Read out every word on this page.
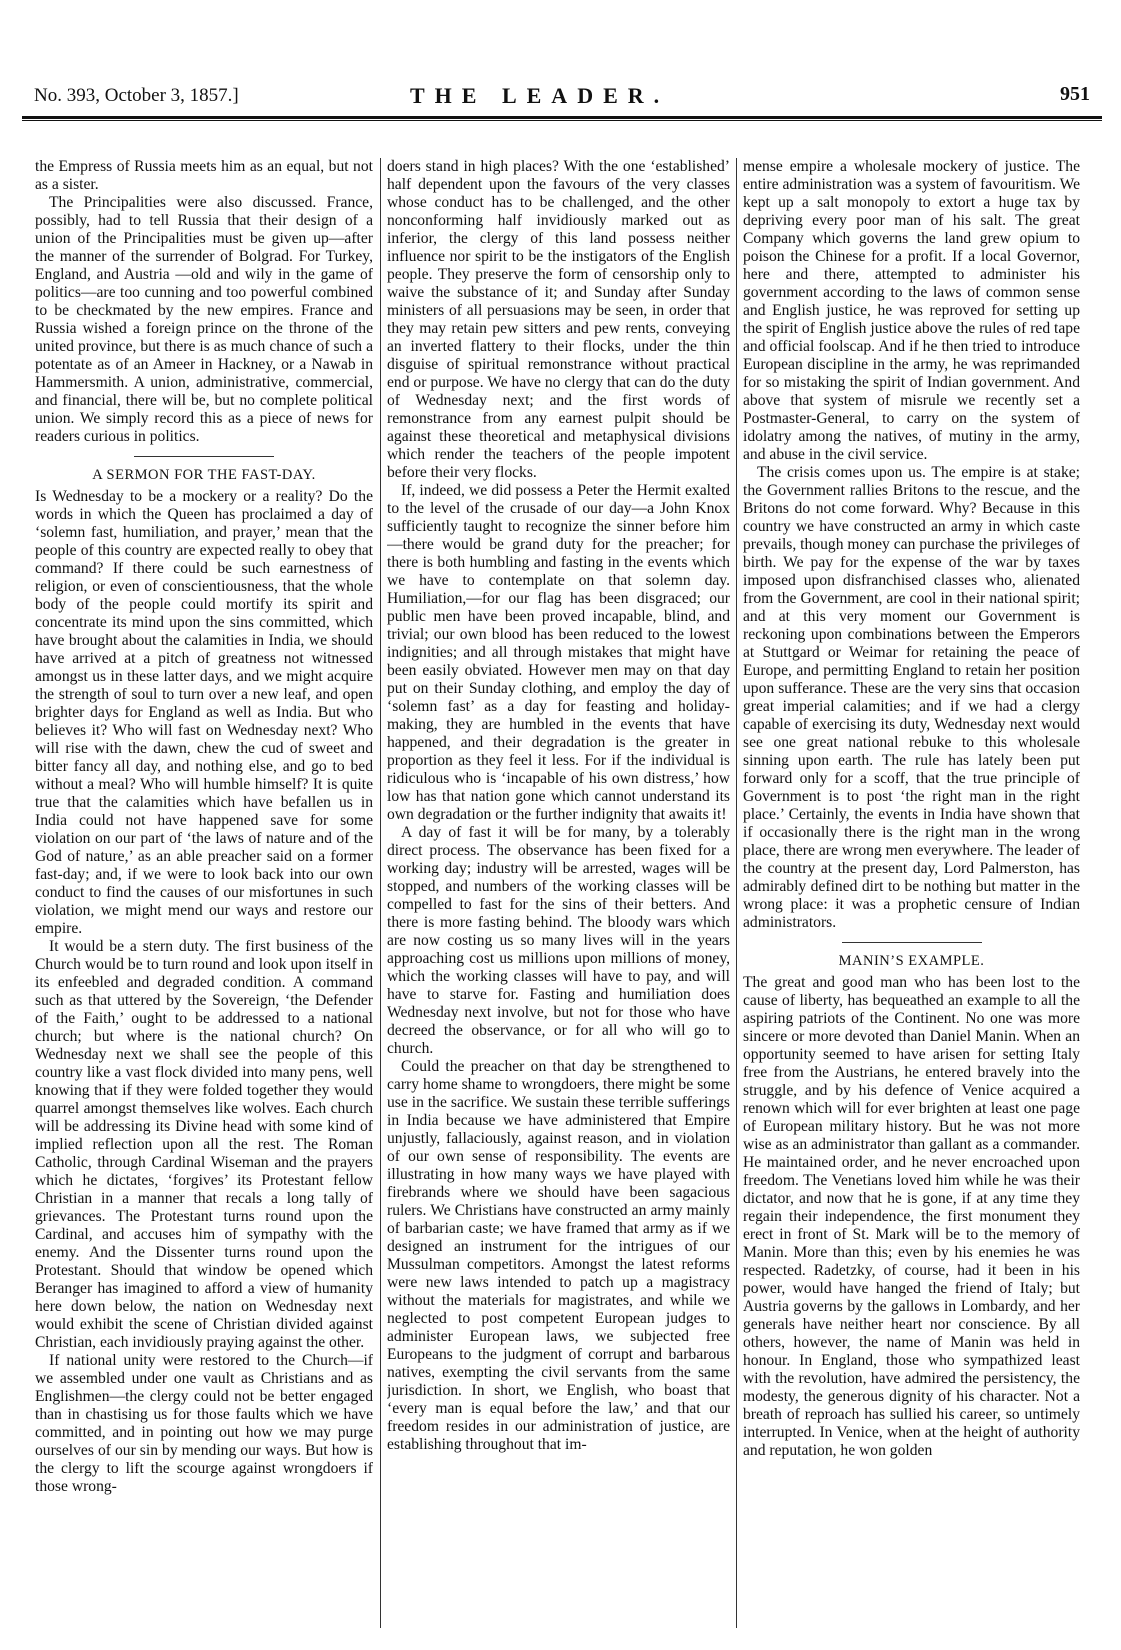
No. 393, October 3, 1857.]	THE LEADER.	951

the Empress of Russia meets him as an equal, but not as a sister.

The Principalities were also discussed. France, possibly, had to tell Russia that their design of a union of the Principalities must be given up—after the manner of the surrender of Bolgrad. For Turkey, England, and Austria —old and wily in the game of politics—are too cunning and too powerful combined to be checkmated by the new empires. France and Russia wished a foreign prince on the throne of the united province, but there is as much chance of such a potentate as of an Ameer in Hackney, or a Nawab in Hammersmith. A union, administrative, commercial, and financial, there will be, but no complete political union. We simply record this as a piece of news for readers curious in politics.

A SERMON FOR THE FAST-DAY.

Is Wednesday to be a mockery or a reality? Do the words in which the Queen has proclaimed a day of ‘solemn fast, humiliation, and prayer,’ mean that the people of this country are expected really to obey that command? If there could be such earnestness of religion, or even of conscientiousness, that the whole body of the people could mortify its spirit and concentrate its mind upon the sins committed, which have brought about the calamities in India, we should have arrived at a pitch of greatness not witnessed amongst us in these latter days, and we might acquire the strength of soul to turn over a new leaf, and open brighter days for England as well as India. But who believes it? Who will fast on Wednesday next? Who will rise with the dawn, chew the cud of sweet and bitter fancy all day, and nothing else, and go to bed without a meal? Who will humble himself? It is quite true that the calamities which have befallen us in India could not have happened save for some violation on our part of ‘the laws of nature and of the God of nature,’ as an able preacher said on a former fast-day; and, if we were to look back into our own conduct to find the causes of our misfortunes in such violation, we might mend our ways and restore our empire.

It would be a stern duty. The first business of the Church would be to turn round and look upon itself in its enfeebled and degraded condition. A command such as that uttered by the Sovereign, ‘the Defender of the Faith,’ ought to be addressed to a national church; but where is the national church? On Wednesday next we shall see the people of this country like a vast flock divided into many pens, well knowing that if they were folded together they would quarrel amongst themselves like wolves. Each church will be addressing its Divine head with some kind of implied reflection upon all the rest. The Roman Catholic, through Cardinal Wiseman and the prayers which he dictates, ‘forgives’ its Protestant fellow Christian in a manner that recals a long tally of grievances. The Protestant turns round upon the Cardinal, and accuses him of sympathy with the enemy. And the Dissenter turns round upon the Protestant. Should that window be opened which Beranger has imagined to afford a view of humanity here down below, the nation on Wednesday next would exhibit the scene of Christian divided against Christian, each invidiously praying against the other.

If national unity were restored to the Church—if we assembled under one vault as Christians and as Englishmen—the clergy could not be better engaged than in chastising us for those faults which we have committed, and in pointing out how we may purge ourselves of our sin by mending our ways. But how is the clergy to lift the scourge against wrongdoers if those wrong-

doers stand in high places? With the one ‘established’ half dependent upon the favours of the very classes whose conduct has to be challenged, and the other nonconforming half invidiously marked out as inferior, the clergy of this land possess neither influence nor spirit to be the instigators of the English people. They preserve the form of censorship only to waive the substance of it; and Sunday after Sunday ministers of all persuasions may be seen, in order that they may retain pew sitters and pew rents, conveying an inverted flattery to their flocks, under the thin disguise of spiritual remonstrance without practical end or purpose. We have no clergy that can do the duty of Wednesday next; and the first words of remonstrance from any earnest pulpit should be against these theoretical and metaphysical divisions which render the teachers of the people impotent before their very flocks.

If, indeed, we did possess a Peter the Hermit exalted to the level of the crusade of our day—a John Knox sufficiently taught to recognize the sinner before him—there would be grand duty for the preacher; for there is both humbling and fasting in the events which we have to contemplate on that solemn day. Humiliation,—for our flag has been disgraced; our public men have been proved incapable, blind, and trivial; our own blood has been reduced to the lowest indignities; and all through mistakes that might have been easily obviated. However men may on that day put on their Sunday clothing, and employ the day of ‘solemn fast’ as a day for feasting and holiday-making, they are humbled in the events that have happened, and their degradation is the greater in proportion as they feel it less. For if the individual is ridiculous who is ‘incapable of his own distress,’ how low has that nation gone which cannot understand its own degradation or the further indignity that awaits it!

A day of fast it will be for many, by a tolerably direct process. The observance has been fixed for a working day; industry will be arrested, wages will be stopped, and numbers of the working classes will be compelled to fast for the sins of their betters. And there is more fasting behind. The bloody wars which are now costing us so many lives will in the years approaching cost us millions upon millions of money, which the working classes will have to pay, and will have to starve for. Fasting and humiliation does Wednesday next involve, but not for those who have decreed the observance, or for all who will go to church.

Could the preacher on that day be strengthened to carry home shame to wrongdoers, there might be some use in the sacrifice. We sustain these terrible sufferings in India because we have administered that Empire unjustly, fallaciously, against reason, and in violation of our own sense of responsibility. The events are illustrating in how many ways we have played with firebrands where we should have been sagacious rulers. We Christians have constructed an army mainly of barbarian caste; we have framed that army as if we designed an instrument for the intrigues of our Mussulman competitors. Amongst the latest reforms were new laws intended to patch up a magistracy without the materials for magistrates, and while we neglected to post competent European judges to administer European laws, we subjected free Europeans to the judgment of corrupt and barbarous natives, exempting the civil servants from the same jurisdiction. In short, we English, who boast that ‘every man is equal before the law,’ and that our freedom resides in our administration of justice, are establishing throughout that im-

mense empire a wholesale mockery of justice. The entire administration was a system of favouritism. We kept up a salt monopoly to extort a huge tax by depriving every poor man of his salt. The great Company which governs the land grew opium to poison the Chinese for a profit. If a local Governor, here and there, attempted to administer his government according to the laws of common sense and English justice, he was reproved for setting up the spirit of English justice above the rules of red tape and official foolscap. And if he then tried to introduce European discipline in the army, he was reprimanded for so mistaking the spirit of Indian government. And above that system of misrule we recently set a Postmaster-General, to carry on the system of idolatry among the natives, of mutiny in the army, and abuse in the civil service.

The crisis comes upon us. The empire is at stake; the Government rallies Britons to the rescue, and the Britons do not come forward. Why? Because in this country we have constructed an army in which caste prevails, though money can purchase the privileges of birth. We pay for the expense of the war by taxes imposed upon disfranchised classes who, alienated from the Government, are cool in their national spirit; and at this very moment our Government is reckoning upon combinations between the Emperors at Stuttgard or Weimar for retaining the peace of Europe, and permitting England to retain her position upon sufferance. These are the very sins that occasion great imperial calamities; and if we had a clergy capable of exercising its duty, Wednesday next would see one great national rebuke to this wholesale sinning upon earth. The rule has lately been put forward only for a scoff, that the true principle of Government is to post ‘the right man in the right place.’ Certainly, the events in India have shown that if occasionally there is the right man in the wrong place, there are wrong men everywhere. The leader of the country at the present day, Lord Palmerston, has admirably defined dirt to be nothing but matter in the wrong place: it was a prophetic censure of Indian administrators.

MANIN’S EXAMPLE.

The great and good man who has been lost to the cause of liberty, has bequeathed an example to all the aspiring patriots of the Continent. No one was more sincere or more devoted than Daniel Manin. When an opportunity seemed to have arisen for setting Italy free from the Austrians, he entered bravely into the struggle, and by his defence of Venice acquired a renown which will for ever brighten at least one page of European military history. But he was not more wise as an administrator than gallant as a commander. He maintained order, and he never encroached upon freedom. The Venetians loved him while he was their dictator, and now that he is gone, if at any time they regain their independence, the first monument they erect in front of St. Mark will be to the memory of Manin. More than this; even by his enemies he was respected. Radetzky, of course, had it been in his power, would have hanged the friend of Italy; but Austria governs by the gallows in Lombardy, and her generals have neither heart nor conscience. By all others, however, the name of Manin was held in honour. In England, those who sympathized least with the revolution, have admired the persistency, the modesty, the generous dignity of his character. Not a breath of reproach has sullied his career, so untimely interrupted. In Venice, when at the height of authority and reputation, he won golden
